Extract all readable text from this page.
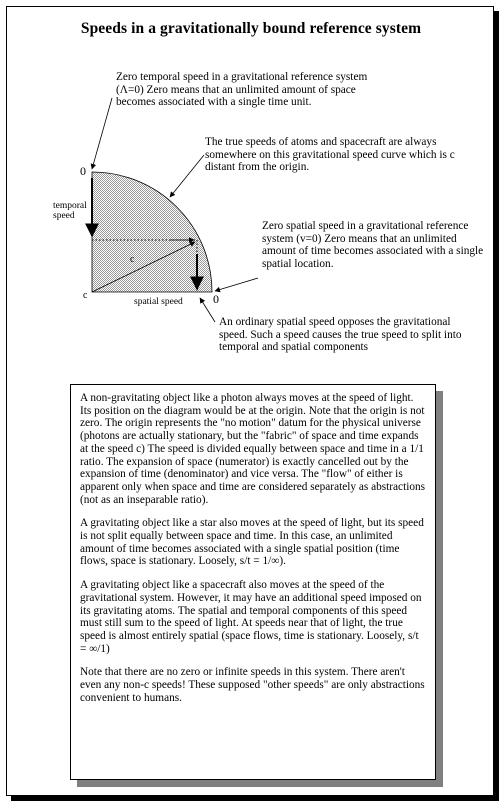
Speeds in a gravitationally bound reference system
Zero temporal speed in a gravitational reference system (Λ=0) Zero means that an unlimited amount of space becomes associated with a single time unit.
The true speeds of atoms and spacecraft are always somewhere on this gravitational speed curve which is c distant from the origin.
Zero spatial speed in a gravitational reference system (v=0) Zero means that an unlimited amount of time becomes associated with a single spatial location.
An ordinary spatial speed opposes the gravitational speed. Such a speed causes the true speed to split into temporal and spatial components
0
0
c
c
temporal
speed
spatial speed

A non-gravitating object like a photon always moves at the speed of light. Its position on the diagram would be at the origin. Note that the origin is not zero. The origin represents the "no motion" datum for the physical universe (photons are actually stationary, but the "fabric" of space and time expands at the speed c) The speed is divided equally between space and time in a 1/1 ratio. The expansion of space (numerator) is exactly cancelled out by the expansion of time (denominator) and vice versa. The "flow" of either is apparent only when space and time are considered separately as abstractions (not as an inseparable ratio).

A gravitating object like a star also moves at the speed of light, but its speed is not split equally between space and time. In this case, an unlimited amount of time becomes associated with a single spatial position (time flows, space is stationary. Loosely, s/t = 1/∞).

A gravitating object like a spacecraft also moves at the speed of the gravitational system. However, it may have an additional speed imposed on its gravitating atoms. The spatial and temporal components of this speed must still sum to the speed of light. At speeds near that of light, the true speed is almost entirely spatial (space flows, time is stationary. Loosely, s/t = ∞/1)

Note that there are no zero or infinite speeds in this system. There aren't even any non-c speeds! These supposed "other speeds" are only abstractions convenient to humans.
